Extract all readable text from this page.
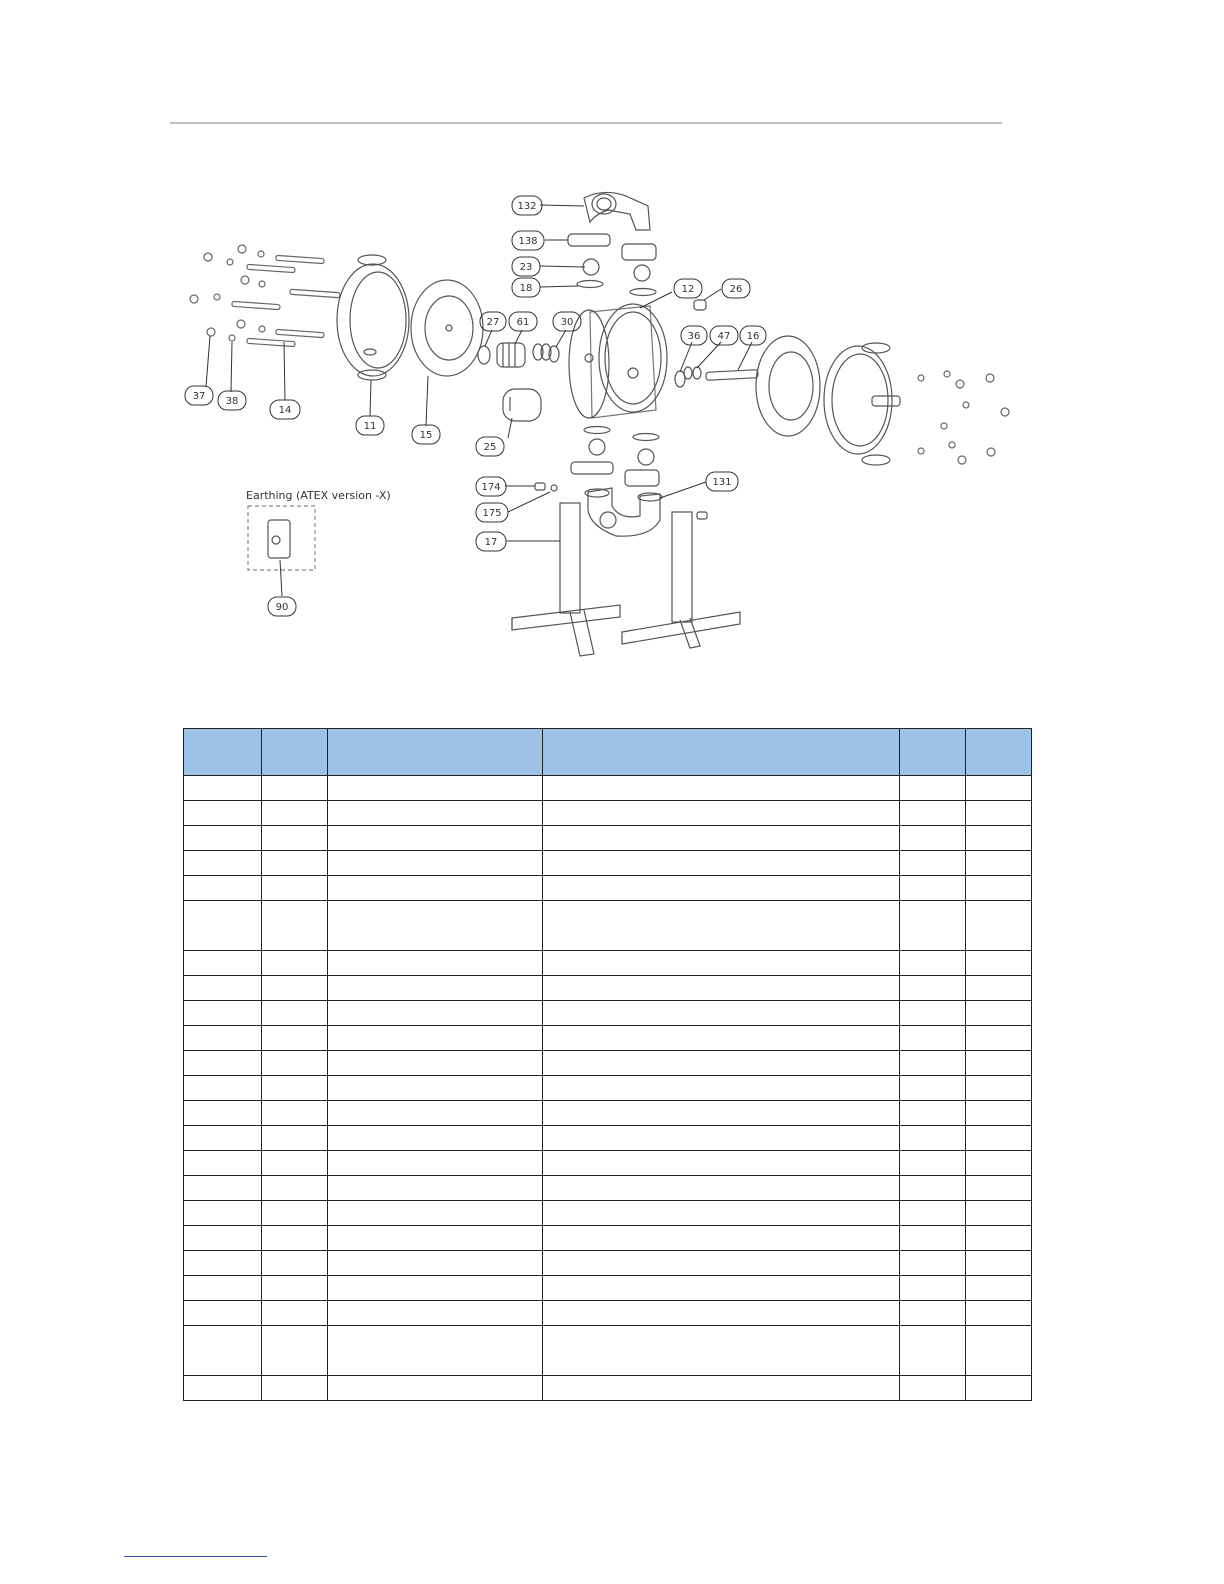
132
138
23
18	12	26
27 61	30
36 47 16
37 38
14
11
15
25
174
175
131
17
90
Earthing (ATEX version -X)
